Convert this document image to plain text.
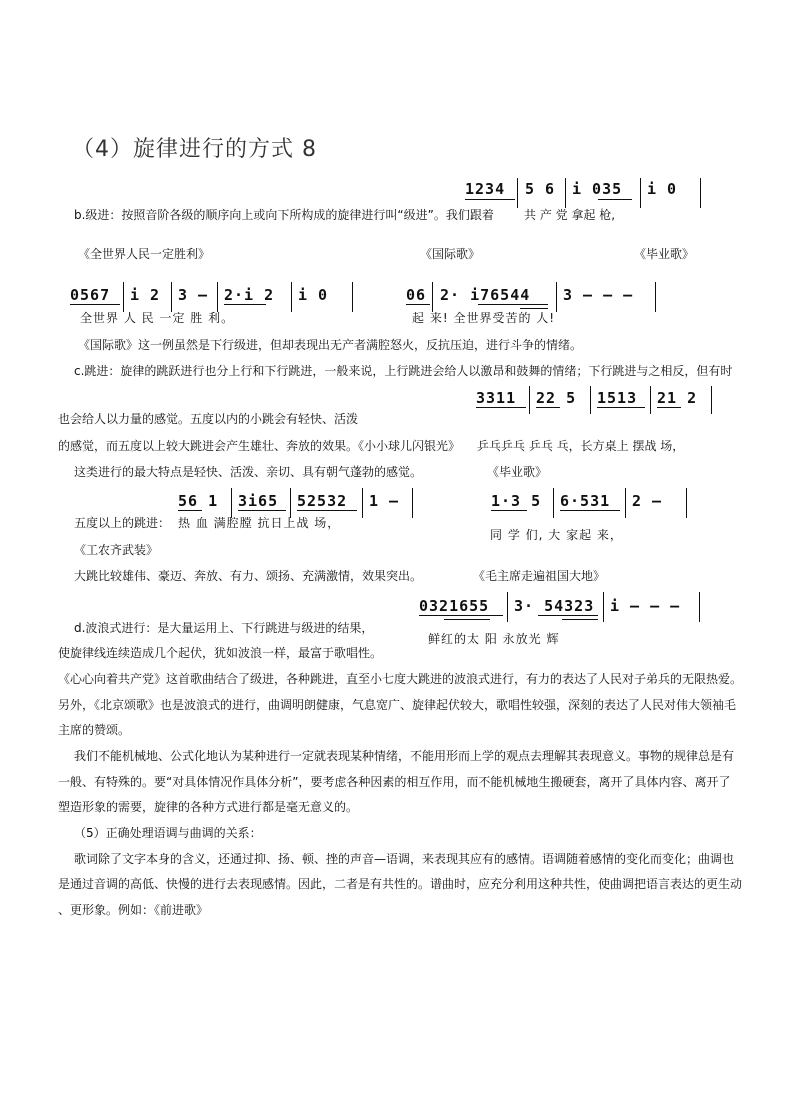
（4）旋律进行的方式 8
1234 5 6 i 035 i 0
b.级进：按照音阶各级的顺序向上或向下所构成的旋律进行叫“级进”。我们跟着	共 产 党 拿起 枪,
《全世界人民一定胜利》	《国际歌》	《毕业歌》
0567 i 2 3 – 2·i 2 i 0	06 2· i76544 3 – – –
全世界 人 民 一定 胜 利。	起 来! 全世界受苦的 人!
《国际歌》这一例虽然是下行级进，但却表现出无产者满腔怒火，反抗压迫，进行斗争的情绪。
c.跳进：旋律的跳跃进行也分上行和下行跳进，一般来说，上行跳进会给人以激昂和鼓舞的情绪；下行跳进与之相反，但有时
3311 22 5 1513 21 2
也会给人以力量的感觉。五度以内的小跳会有轻快、活泼
的感觉，而五度以上较大跳进会产生雄壮、奔放的效果。《小小球儿闪银光》 乒乓乒乓 乒乓 乓，长方桌上 摆战 场，
这类进行的最大特点是轻快、活泼、亲切、具有朝气蓬勃的感觉。	《毕业歌》
56 1 3i65 52532 1 –	1·3 5 6·531 2 –
五度以上的跳进： 热 血 满腔膛 抗日上战 场，
同 学 们, 大 家起 来，
《工农齐武装》
大跳比较雄伟、豪迈、奔放、有力、颂扬、充满激情，效果突出。	《毛主席走遍祖国大地》
0321655 3· 54323 i – – –
d.波浪式进行：是大量运用上、下行跳进与级进的结果，
鲜红的太 阳 永放光 辉
使旋律线连续造成几个起伏，犹如波浪一样，最富于歌唱性。
《心心向着共产党》这首歌曲结合了级进，各种跳进，直至小七度大跳进的波浪式进行，有力的表达了人民对子弟兵的无限热爱。
另外，《北京颂歌》也是波浪式的进行，曲调明朗健康，气息宽广、旋律起伏较大，歌唱性较强，深刻的表达了人民对伟大领袖毛
主席的赞颂。
我们不能机械地、公式化地认为某种进行一定就表现某种情绪，不能用形而上学的观点去理解其表现意义。事物的规律总是有
一般、有特殊的。要“对具体情况作具体分析”，要考虑各种因素的相互作用，而不能机械地生搬硬套，离开了具体内容、离开了
塑造形象的需要，旋律的各种方式进行都是毫无意义的。
（5）正确处理语调与曲调的关系：
歌词除了文字本身的含义，还通过抑、扬、顿、挫的声音—语调，来表现其应有的感情。语调随着感情的变化而变化；曲调也
是通过音调的高低、快慢的进行去表现感情。因此，二者是有共性的。谱曲时，应充分利用这种共性，使曲调把语言表达的更生动
、更形象。例如：《前进歌》
